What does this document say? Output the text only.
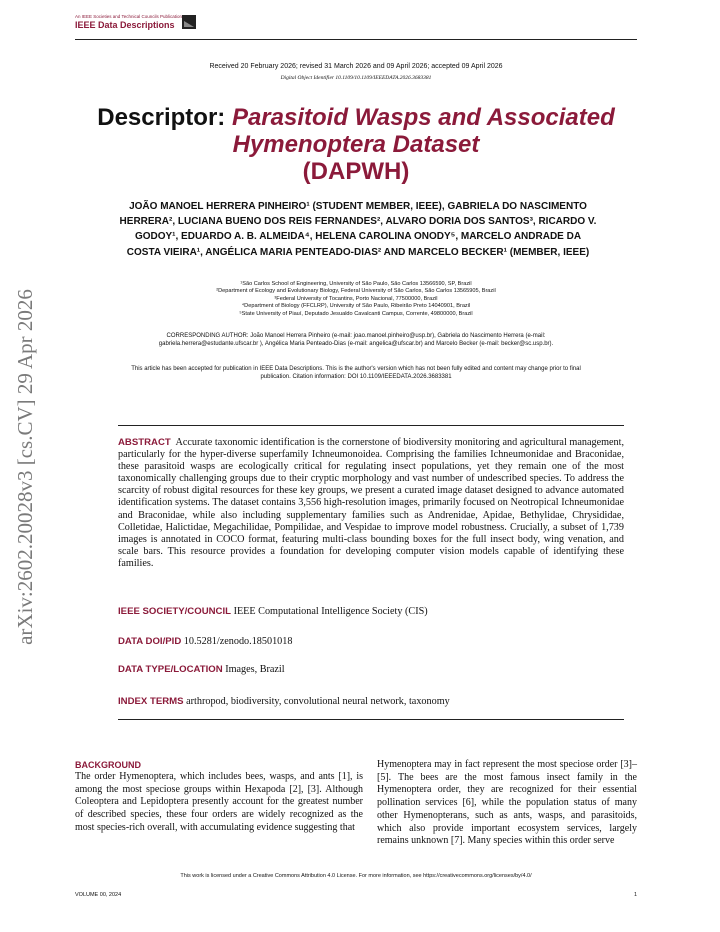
An IEEE Societies and Technical Councils Publication
IEEE Data Descriptions
Received 20 February 2026; revised 31 March 2026 and 09 April 2026; accepted 09 April 2026
Digital Object Identifier 10.1109/10.1109/IEEEDATA.2026.3683381
Descriptor: Parasitoid Wasps and Associated Hymenoptera Dataset
(DAPWH)
JOÃO MANOEL HERRERA PINHEIRO¹ (STUDENT MEMBER, IEEE), GABRIELA DO NASCIMENTO HERRERA², LUCIANA BUENO DOS REIS FERNANDES², ALVARO DORIA DOS SANTOS³, RICARDO V. GODOY¹, EDUARDO A. B. ALMEIDA⁴, HELENA CAROLINA ONODY⁵, MARCELO ANDRADE DA COSTA VIEIRA¹, ANGÉLICA MARIA PENTEADO-DIAS² AND MARCELO BECKER¹ (MEMBER, IEEE)
¹São Carlos School of Engineering, University of São Paulo, São Carlos 13566590, SP, Brazil
²Department of Ecology and Evolutionary Biology, Federal University of São Carlos, São Carlos 13565905, Brazil
³Federal University of Tocantins, Porto Nacional, 77500000, Brazil
⁴Department of Biology (FFCLRP), University of São Paulo, Ribeirão Preto 14040901, Brazil
⁵State University of Piauí, Deputado Jesualdo Cavalcanti Campus, Corrente, 49800000, Brazil
CORRESPONDING AUTHOR: João Manoel Herrera Pinheiro (e-mail: joao.manoel.pinheiro@usp.br), Gabriela do Nascimento Herrera (e-mail: gabriela.herrera@estudante.ufscar.br ), Angélica Maria Penteado-Dias (e-mail: angelica@ufscar.br) and Marcelo Becker (e-mail: becker@sc.usp.br).
This article has been accepted for publication in IEEE Data Descriptions. This is the author's version which has not been fully edited and content may change prior to final publication. Citation information: DOI 10.1109/IEEEDATA.2026.3683381
ABSTRACT Accurate taxonomic identification is the cornerstone of biodiversity monitoring and agricultural management, particularly for the hyper-diverse superfamily Ichneumonoidea. Comprising the families Ichneumonidae and Braconidae, these parasitoid wasps are ecologically critical for regulating insect populations, yet they remain one of the most taxonomically challenging groups due to their cryptic morphology and vast number of undescribed species. To address the scarcity of robust digital resources for these key groups, we present a curated image dataset designed to advance automated identification systems. The dataset contains 3,556 high-resolution images, primarily focused on Neotropical Ichneumonidae and Braconidae, while also including supplementary families such as Andrenidae, Apidae, Bethylidae, Chrysididae, Colletidae, Halictidae, Megachilidae, Pompilidae, and Vespidae to improve model robustness. Crucially, a subset of 1,739 images is annotated in COCO format, featuring multi-class bounding boxes for the full insect body, wing venation, and scale bars. This resource provides a foundation for developing computer vision models capable of identifying these families.
IEEE SOCIETY/COUNCIL IEEE Computational Intelligence Society (CIS)
DATA DOI/PID 10.5281/zenodo.18501018
DATA TYPE/LOCATION Images, Brazil
INDEX TERMS arthropod, biodiversity, convolutional neural network, taxonomy
BACKGROUND
The order Hymenoptera, which includes bees, wasps, and ants [1], is among the most speciose groups within Hexapoda [2], [3]. Although Coleoptera and Lepidoptera presently account for the greatest number of described species, these four orders are widely recognized as the most species-rich overall, with accumulating evidence suggesting that
Hymenoptera may in fact represent the most speciose order [3]–[5]. The bees are the most famous insect family in the Hymenoptera order, they are recognized for their essential pollination services [6], while the population status of many other Hymenopterans, such as ants, wasps, and parasitoids, which also provide important ecosystem services, largely remains unknown [7]. Many species within this order serve
This work is licensed under a Creative Commons Attribution 4.0 License. For more information, see https://creativecommons.org/licenses/by/4.0/
VOLUME 00, 2024	1
arXiv:2602.20028v3 [cs.CV] 29 Apr 2026
